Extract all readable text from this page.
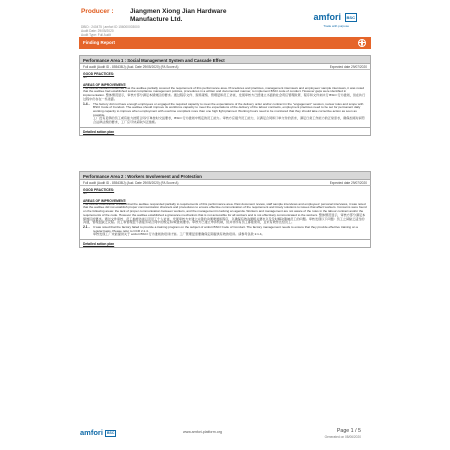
Producer :	Jiangmen Xiong Jian Hardware Manufacture Ltd.
DBID : 240475 | amfori ID 156000003000
Audit Date: 29/05/2020
Audit Type: Full Audit
amfori BSC
Trade with purpose
Finding Report
Performance Area 1 : Social Management System and Cascade Effect
Full audit (Audit ID - 85543BJ) (Aud. Date 29/05/2020) (FA Score A)	Expected date 29/07/2020
GOOD PRACTICES:
Nil
AREAS OF IMPROVEMENT:
The overall situation observed that the auditee partially covered the requirement of this performance area. Procedures and practices, management interviews and employees' sample interviews, it was noted that the auditee had established social compliance management policies, procedures in a written and documented manner, to implement BSCI code of conduct. However gaps were identified in implementation. 整体情况显示，审核方部分满足本绩效区的要求。通过程序文件、现场观察、管理层和员工访谈，发现审核方已经建立书面的社会责任管理政策、程序和文件来执行 BSCI 行为准则，但在执行过程中仍存在一些差距。
1.4 -	The factory did not have enough employees or engaged the required capacity to meet the expectations of the delivery order and/or contract in the "engagement" session, review rules and scope with BSCI Code of Conduct. The auditee should improve its workforce capacity to meet the expectations of the delivery of the labour contracts, employment practices need to be set for permanent daily working capacity to improve when employment with overtime compliant more than one high fight planned. Working hours need to be monitored that they should take corrective action as soon as possible.
工厂没有足够的员工或有能力按照合同/订单按时交货要求，BSCI 行为准则中规定的员工能力。审核方应提升员工能力，以满足合同和订单交付的需求，满足日常工作能力的正常需求，确保加班时间符合法律法规的要求，工厂应尽快采取纠正措施。
Detailed action plan
Performance Area 2 : Workers Involvement and Protection
Full audit (Audit ID - 85543BJ) (Aud. Date 29/05/2020) (FA Score A)	Expected date 29/07/2020
GOOD PRACTICES:
Nil
AREAS OF IMPROVEMENT:
The overall observation showed that the auditee responded partially to requirements of this performance area. Past document review, staff sample interviews and employees' personal interviews, it was noted that the auditee did not establish proper communication channels and procedures to ensure effective communication of the requirement and timely solutions to issues that affect workers. Concerns were found on the following areas: the lack of proper communication between workers, and the management is lacking an agenda. Workers and management are not aware of the rules in the labour contract and/or the requirements of the code. However the auditee established a grievance mechanism that is not accessible for all workers and is not effectively communicated to the workers. 整体情况显示，审核方部分满足本绩效区的要求。通过文件审核、员工抽样访谈以及员工个人访谈，发现审核方未建立完善的沟通渠道和程序，以确保有效沟通相关要求以及及时解决影响员工的问题。审核发现以下问题：员工之间缺乏适当的沟通，管理层缺乏议程。员工和管理层不清楚劳动合同中的规定和/或准则要求。审核方已建立申诉机制，但并非所有员工都能使用，且未有效传达给员工。
2.1 -	It was noted that the factory failed to provide a training program on the subject of amfori BSCI Code of Conduct. The factory management needs to ensure that they provide effective training on a regular basis. Please refer to CCR 2.1.4.
审核发现工厂未能提供关于 amfori BSCI 行为准则的培训计划。工厂管理层需要确保定期提供有效的培训。请参考条款 2.1.4。
Detailed action plan
amfori BSC	www.amfori-platform.org	Page 1 / 5
Generated on 08/06/2020
